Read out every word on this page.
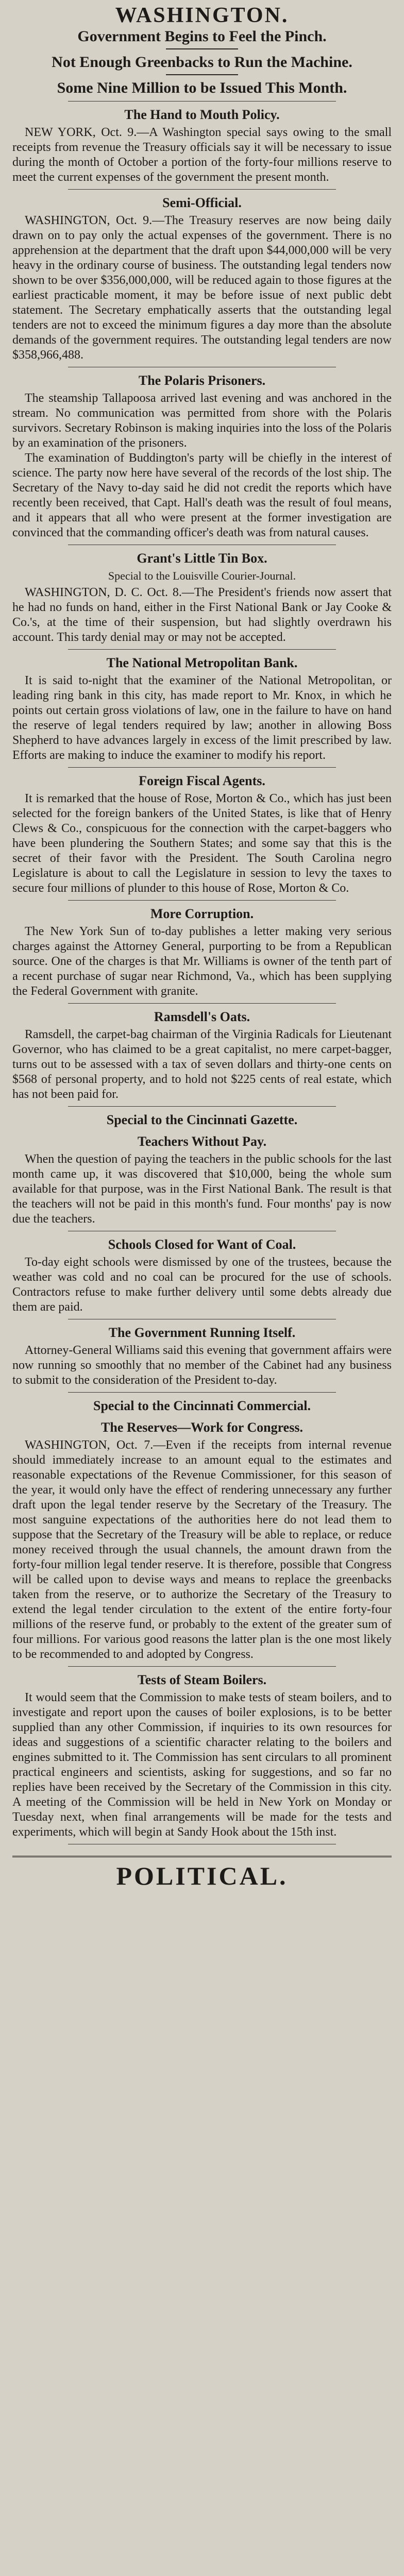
WASHINGTON.
Government Begins to Feel the Pinch.
Not Enough Greenbacks to Run the Machine.
Some Nine Million to be Issued This Month.
The Hand to Mouth Policy.

NEW YORK, Oct. 9.—A Washington special says owing to the small receipts from revenue the Treasury officials say it will be necessary to issue during the month of October a portion of the forty-four millions reserve to meet the current expenses of the government the present month.

Semi-Official.

WASHINGTON, Oct. 9.—The Treasury reserves are now being daily drawn on to pay only the actual expenses of the government. There is no apprehension at the department that the draft upon $44,000,000 will be very heavy in the ordinary course of business. The outstanding legal tenders now shown to be over $356,000,000, will be reduced again to those figures at the earliest practicable moment, it may be before issue of next public debt statement. The Secretary emphatically asserts that the outstanding legal tenders are not to exceed the minimum figures a day more than the absolute demands of the government requires. The outstanding legal tenders are now $358,966,488.

The Polaris Prisoners.

The steamship Tallapoosa arrived last evening and was anchored in the stream. No communication was permitted from shore with the Polaris survivors. Secretary Robinson is making inquiries into the loss of the Polaris by an examination of the prisoners.

The examination of Buddington's party will be chiefly in the interest of science. The party now here have several of the records of the lost ship. The Secretary of the Navy to-day said he did not credit the reports which have recently been received, that Capt. Hall's death was the result of foul means, and it appears that all who were present at the former investigation are convinced that the commanding officer's death was from natural causes.

Grant's Little Tin Box.

Special to the Louisville Courier-Journal.

WASHINGTON, D. C. Oct. 8.—The President's friends now assert that he had no funds on hand, either in the First National Bank or Jay Cooke & Co.'s, at the time of their suspension, but had slightly overdrawn his account. This tardy denial may or may not be accepted.

The National Metropolitan Bank.

It is said to-night that the examiner of the National Metropolitan, or leading ring bank in this city, has made report to Mr. Knox, in which he points out certain gross violations of law, one in the failure to have on hand the reserve of legal tenders required by law; another in allowing Boss Shepherd to have advances largely in excess of the limit prescribed by law. Efforts are making to induce the examiner to modify his report.

Foreign Fiscal Agents.

It is remarked that the house of Rose, Morton & Co., which has just been selected for the foreign bankers of the United States, is like that of Henry Clews & Co., conspicuous for the connection with the carpet-baggers who have been plundering the Southern States; and some say that this is the secret of their favor with the President. The South Carolina negro Legislature is about to call the Legislature in session to levy the taxes to secure four millions of plunder to this house of Rose, Morton & Co.

More Corruption.

The New York Sun of to-day publishes a letter making very serious charges against the Attorney General, purporting to be from a Republican source. One of the charges is that Mr. Williams is owner of the tenth part of a recent purchase of sugar near Richmond, Va., which has been supplying the Federal Government with granite.

Ramsdell's Oats.

Ramsdell, the carpet-bag chairman of the Virginia Radicals for Lieutenant Governor, who has claimed to be a great capitalist, no mere carpet-bagger, turns out to be assessed with a tax of seven dollars and thirty-one cents on $568 of personal property, and to hold not $225 cents of real estate, which has not been paid for.

Special to the Cincinnati Gazette.
Teachers Without Pay.

When the question of paying the teachers in the public schools for the last month came up, it was discovered that $10,000, being the whole sum available for that purpose, was in the First National Bank. The result is that the teachers will not be paid in this month's fund. Four months' pay is now due the teachers.

Schools Closed for Want of Coal.

To-day eight schools were dismissed by one of the trustees, because the weather was cold and no coal can be procured for the use of schools. Contractors refuse to make further delivery until some debts already due them are paid.

The Government Running Itself.

Attorney-General Williams said this evening that government affairs were now running so smoothly that no member of the Cabinet had any business to submit to the consideration of the President to-day.

Special to the Cincinnati Commercial.
The Reserves—Work for Congress.

WASHINGTON, Oct. 7.—Even if the receipts from internal revenue should immediately increase to an amount equal to the estimates and reasonable expectations of the Revenue Commissioner, for this season of the year, it would only have the effect of rendering unnecessary any further draft upon the legal tender reserve by the Secretary of the Treasury. The most sanguine expectations of the authorities here do not lead them to suppose that the Secretary of the Treasury will be able to replace, or reduce money received through the usual channels, the amount drawn from the forty-four million legal tender reserve. It is therefore, possible that Congress will be called upon to devise ways and means to replace the greenbacks taken from the reserve, or to authorize the Secretary of the Treasury to extend the legal tender circulation to the extent of the entire forty-four millions of the reserve fund, or probably to the extent of the greater sum of four millions. For various good reasons the latter plan is the one most likely to be recommended to and adopted by Congress.

Tests of Steam Boilers.

It would seem that the Commission to make tests of steam boilers, and to investigate and report upon the causes of boiler explosions, is to be better supplied than any other Commission, if inquiries to its own resources for ideas and suggestions of a scientific character relating to the boilers and engines submitted to it. The Commission has sent circulars to all prominent practical engineers and scientists, asking for suggestions, and so far no replies have been received by the Secretary of the Commission in this city. A meeting of the Commission will be held in New York on Monday or Tuesday next, when final arrangements will be made for the tests and experiments, which will begin at Sandy Hook about the 15th inst.

POLITICAL.
